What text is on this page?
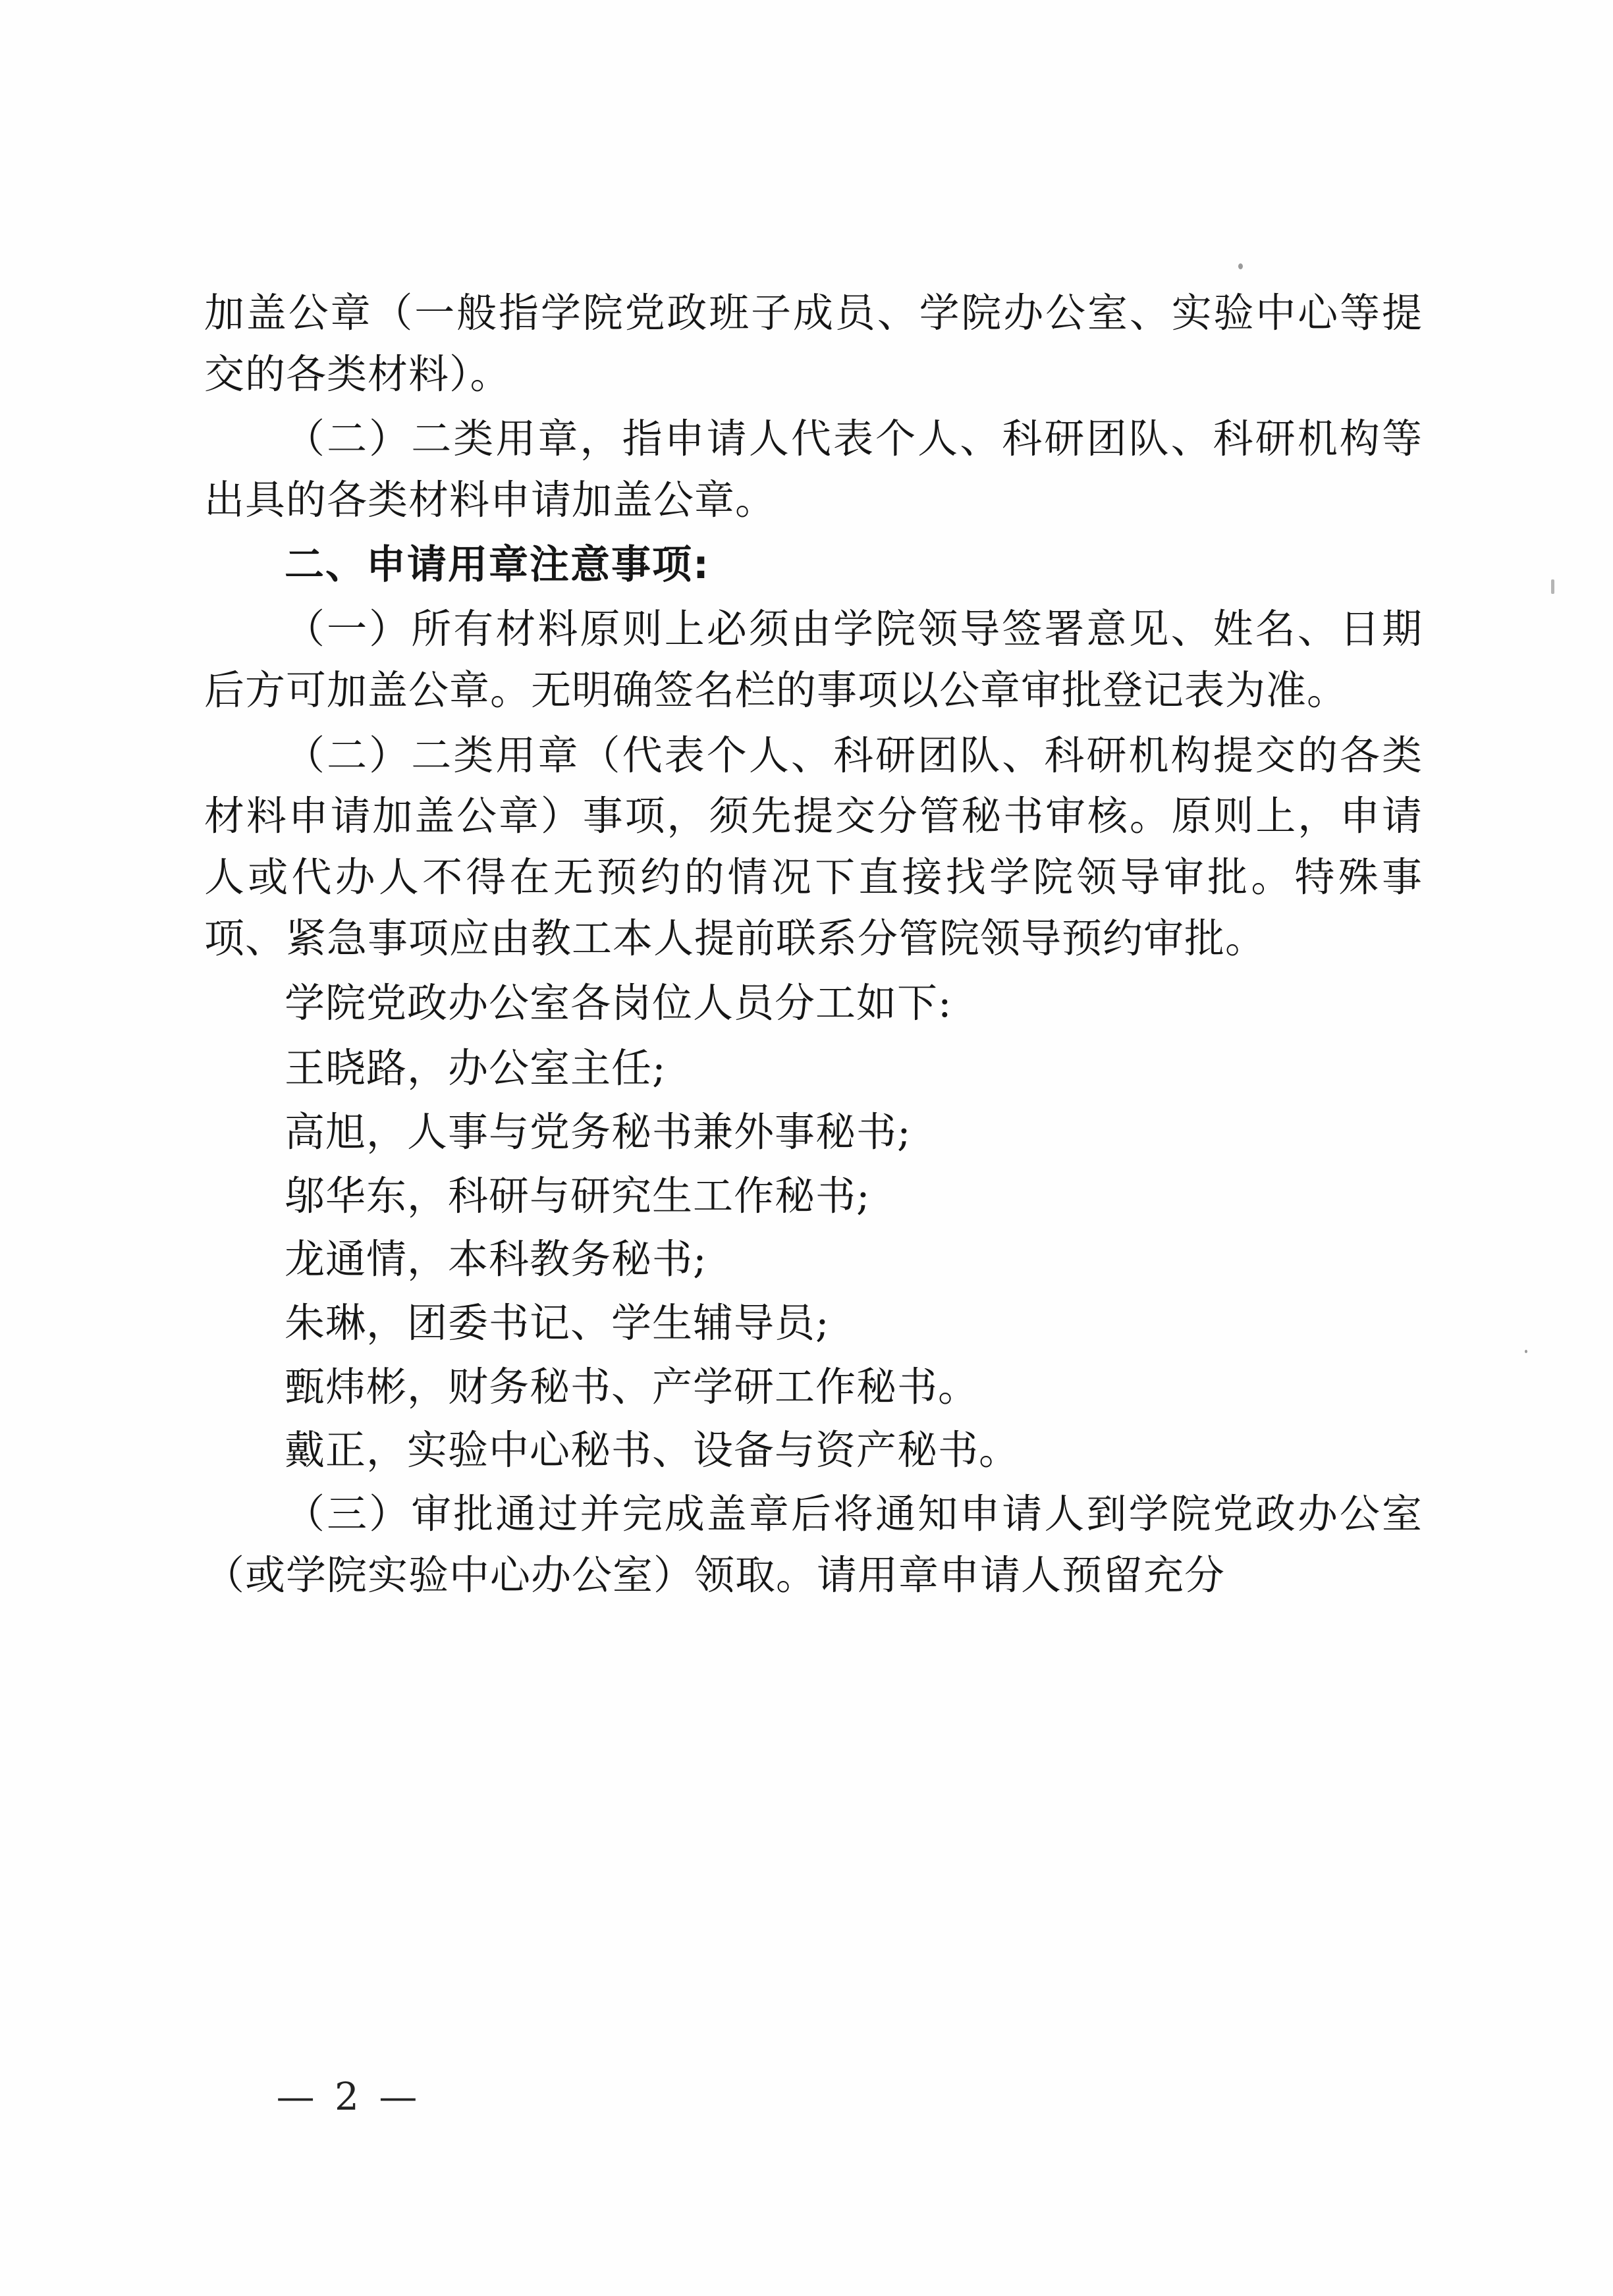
加盖公章（一般指学院党政班子成员、学院办公室、实验中心等提交的各类材料）。

（二）二类用章，指申请人代表个人、科研团队、科研机构等出具的各类材料申请加盖公章。

二、申请用章注意事项:

（一）所有材料原则上必须由学院领导签署意见、姓名、日期后方可加盖公章。无明确签名栏的事项以公章审批登记表为准。

（二）二类用章（代表个人、科研团队、科研机构提交的各类材料申请加盖公章）事项，须先提交分管秘书审核。原则上，申请人或代办人不得在无预约的情况下直接找学院领导审批。特殊事项、紧急事项应由教工本人提前联系分管院领导预约审批。

学院党政办公室各岗位人员分工如下:

王晓路，办公室主任;

高旭，人事与党务秘书兼外事秘书;

邬华东，科研与研究生工作秘书;

龙通情，本科教务秘书;

朱琳，团委书记、学生辅导员;

甄炜彬，财务秘书、产学研工作秘书。

戴正，实验中心秘书、设备与资产秘书。

（三）审批通过并完成盖章后将通知申请人到学院党政办公室（或学院实验中心办公室）领取。请用章申请人预留充分

— 2 —
